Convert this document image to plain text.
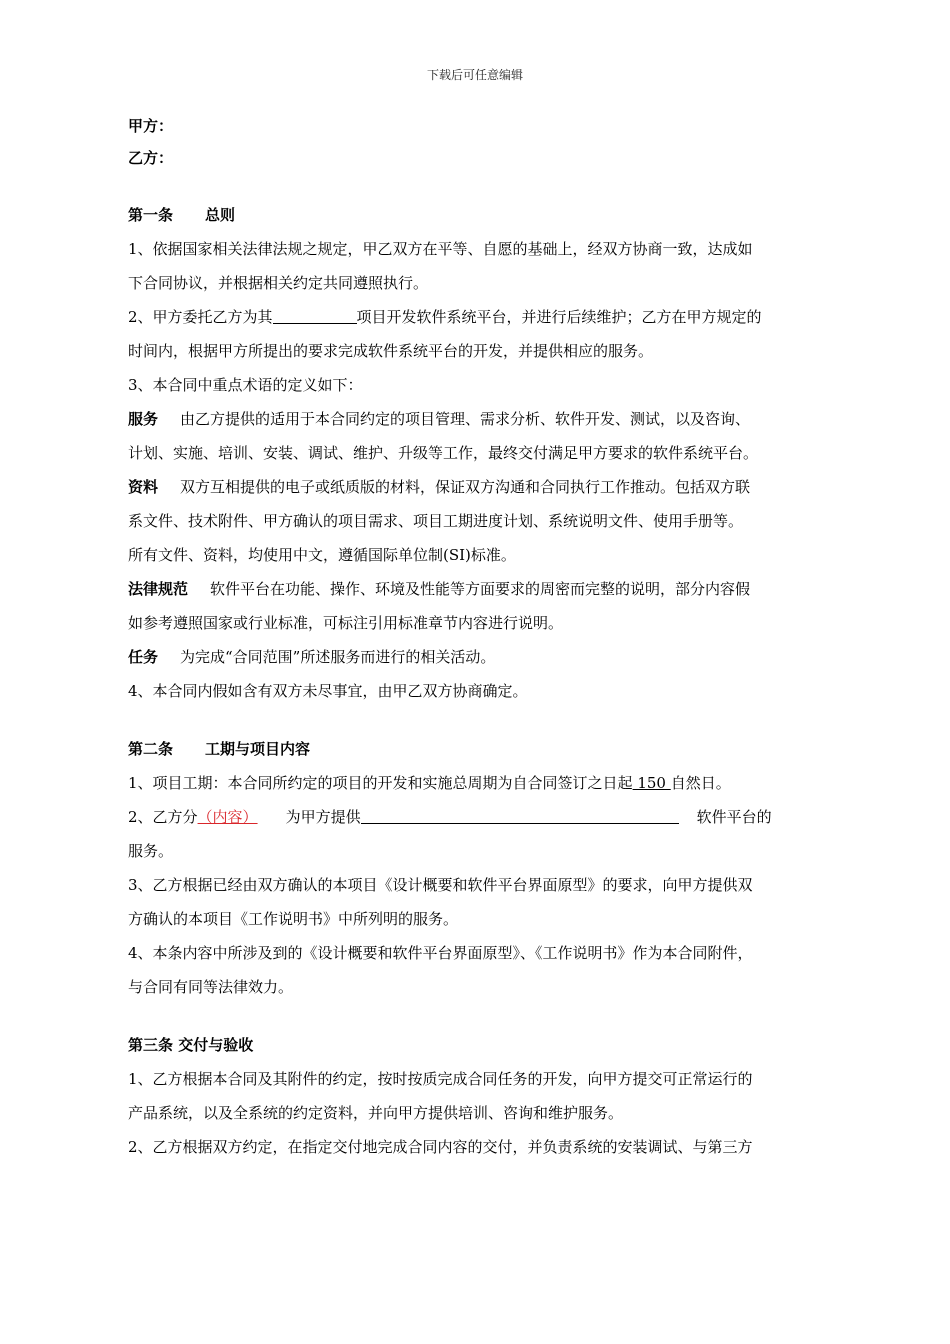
下载后可任意编辑
甲方：
乙方：
第一条 总则
1、依据国家相关法律法规之规定，甲乙双方在平等、自愿的基础上，经双方协商一致，达成如
下合同协议，并根据相关约定共同遵照执行。
2、甲方委托乙方为其	项目开发软件系统平台，并进行后续维护；乙方在甲方规定的
时间内，根据甲方所提出的要求完成软件系统平台的开发，并提供相应的服务。
3、本合同中重点术语的定义如下：
服务 由乙方提供的适用于本合同约定的项目管理、需求分析、软件开发、测试，以及咨询、
计划、实施、培训、安装、调试、维护、升级等工作，最终交付满足甲方要求的软件系统平台。
资料 双方互相提供的电子或纸质版的材料，保证双方沟通和合同执行工作推动。包括双方联
系文件、技术附件、甲方确认的项目需求、项目工期进度计划、系统说明文件、使用手册等。
所有文件、资料，均使用中文，遵循国际单位制(SI)标准。
法律规范 软件平台在功能、操作、环境及性能等方面要求的周密而完整的说明，部分内容假
如参考遵照国家或行业标准，可标注引用标准章节内容进行说明。
任务 为完成“合同范围”所述服务而进行的相关活动。
4、本合同内假如含有双方未尽事宜，由甲乙双方协商确定。
第二条 工期与项目内容
1、项目工期：本合同所约定的项目的开发和实施总周期为自合同签订之日起 150 自然日。
2、乙方分（内容） 为甲方提供	软件平台的
服务。
3、乙方根据已经由双方确认的本项目《设计概要和软件平台界面原型》的要求，向甲方提供双
方确认的本项目《工作说明书》中所列明的服务。
4、本条内容中所涉及到的《设计概要和软件平台界面原型》、《工作说明书》作为本合同附件，
与合同有同等法律效力。
第三条 交付与验收
1、乙方根据本合同及其附件的约定，按时按质完成合同任务的开发，向甲方提交可正常运行的
产品系统，以及全系统的约定资料，并向甲方提供培训、咨询和维护服务。
2、乙方根据双方约定，在指定交付地完成合同内容的交付，并负责系统的安装调试、与第三方
